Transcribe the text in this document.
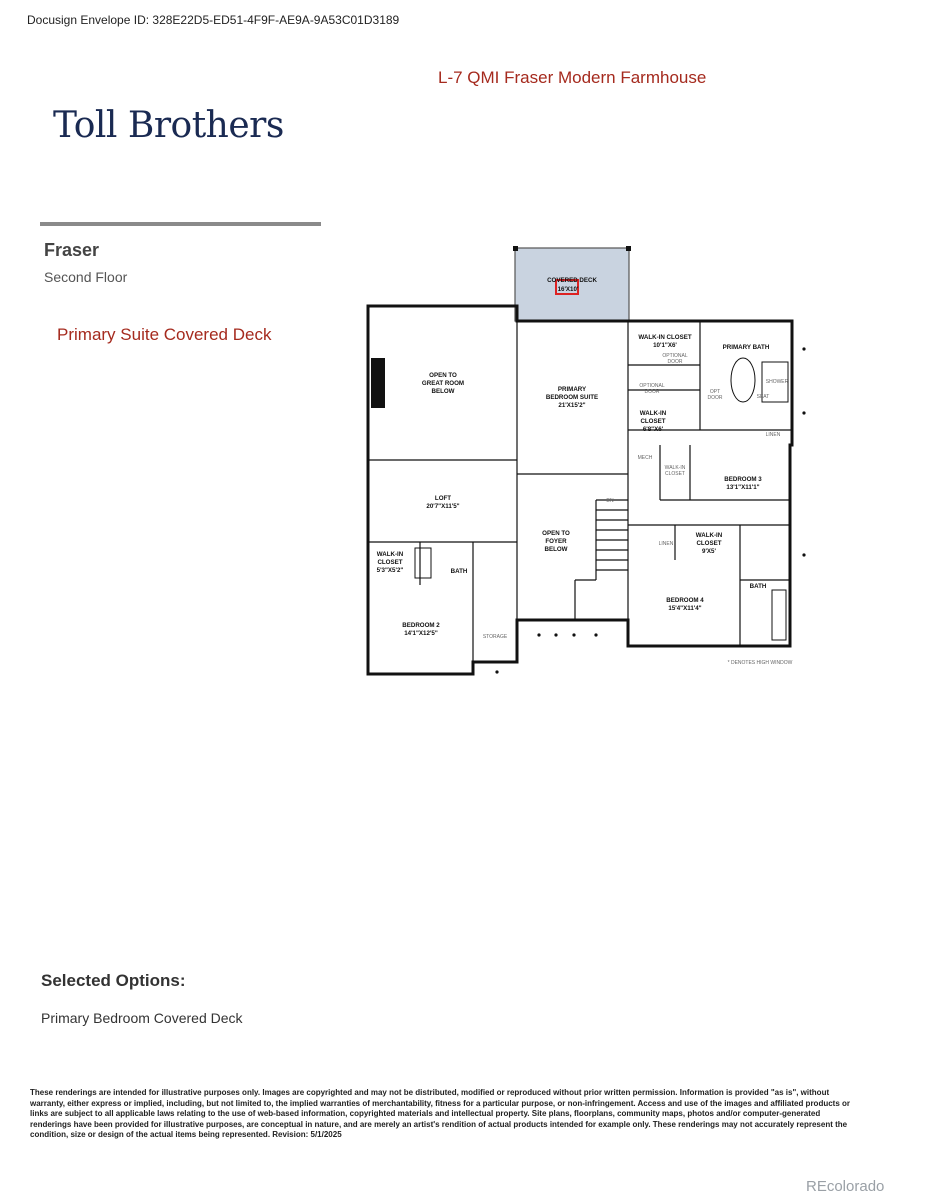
Docusign Envelope ID: 328E22D5-ED51-4F9F-AE9A-9A53C01D3189
L-7 QMI Fraser Modern Farmhouse
Toll Brothers
Fraser
Second Floor
Primary Suite Covered Deck
COVERED DECK
16'X10'
OPEN TO
GREAT ROOM
BELOW	PRIMARY
BEDROOM SUITE
21'X15'2"
WALK-IN CLOSET
10'1"X6'
OPTIONAL
DOOR
OPTIONAL
DOOR	OPT
DOOR
PRIMARY BATH
SHOWER
SEAT
LINEN
WALK-IN
CLOSET
6'8"X6'
MECH
WALK-IN
CLOSET
BEDROOM 3
13'1"X11'1"
LOFT
20'7"X11'5"
DN
OPEN TO
FOYER
BELOW
LINEN
WALK-IN
CLOSET
9'X5'
WALK-IN
CLOSET
5'3"X5'2"	BATH
BATH
BEDROOM 2
14'1"X12'5"	STORAGE
BEDROOM 4
15'4"X11'4"
* DENOTES HIGH WINDOW
Selected Options:
Primary Bedroom Covered Deck
These renderings are intended for illustrative purposes only. Images are copyrighted and may not be distributed, modified or reproduced without prior written permission. Information is provided "as is", without warranty, either express or implied, including, but not limited to, the implied warranties of merchantability, fitness for a particular purpose, or non-infringement. Access and use of the images and affiliated products or links are subject to all applicable laws relating to the use of web-based information, copyrighted materials and intellectual property. Site plans, floorplans, community maps, photos and/or computer-generated renderings have been provided for illustrative purposes, are conceptual in nature, and are merely an artist's rendition of actual products intended for example only. These renderings may not accurately represent the condition, size or design of the actual items being represented. Revision: 5/1/2025
REcolorado
